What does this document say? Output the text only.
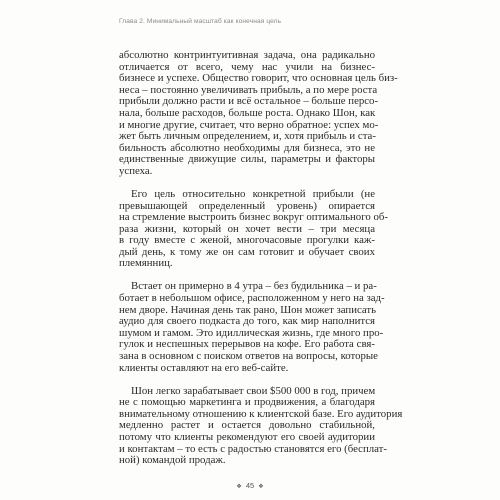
Глава 2. Минимальный масштаб как конечная цель
абсолютно контринтуитивная задача, она радикально
отличается от всего, чему нас учили на бизнес-
бизнесе и успехе. Общество говорит, что основная цель биз-
неса – постоянно увеличивать прибыль, а по мере роста
прибыли должно расти и всё остальное – больше персо-
нала, больше расходов, больше роста. Однако Шон, как
и многие другие, считает, что верно обратное: успех мо-
жет быть личным определением, и, хотя прибыль и ста-
бильность абсолютно необходимы для бизнеса, это не
единственные движущие силы, параметры и факторы
успеха.
Его цель относительно конкретной прибыли (не
превышающей определенный уровень) опирается
на стремление выстроить бизнес вокруг оптимального об-
раза жизни, который он хочет вести – три месяца
в году вместе с женой, многочасовые прогулки каж-
дый день, к тому же он сам готовит и обучает своих
племянниц.
Встает он примерно в 4 утра – без будильника – и ра-
ботает в небольшом офисе, расположенном у него на зад-
нем дворе. Начиная день так рано, Шон может записать
аудио для своего подкаста до того, как мир наполнится
шумом и гамом. Это идиллическая жизнь, где много про-
гулок и неспешных перерывов на кофе. Его работа свя-
зана в основном с поиском ответов на вопросы, которые
клиенты оставляют на его веб-сайте.
Шон легко зарабатывает свои $500 000 в год, причем
не с помощью маркетинга и продвижения, а благодаря
внимательному отношению к клиентской базе. Его аудитория
медленно растет и остается довольно стабильной,
потому что клиенты рекомендуют его своей аудитории
и контактам – то есть с радостью становятся его (бесплат-
ной) командой продаж.
❖ 45 ❖
